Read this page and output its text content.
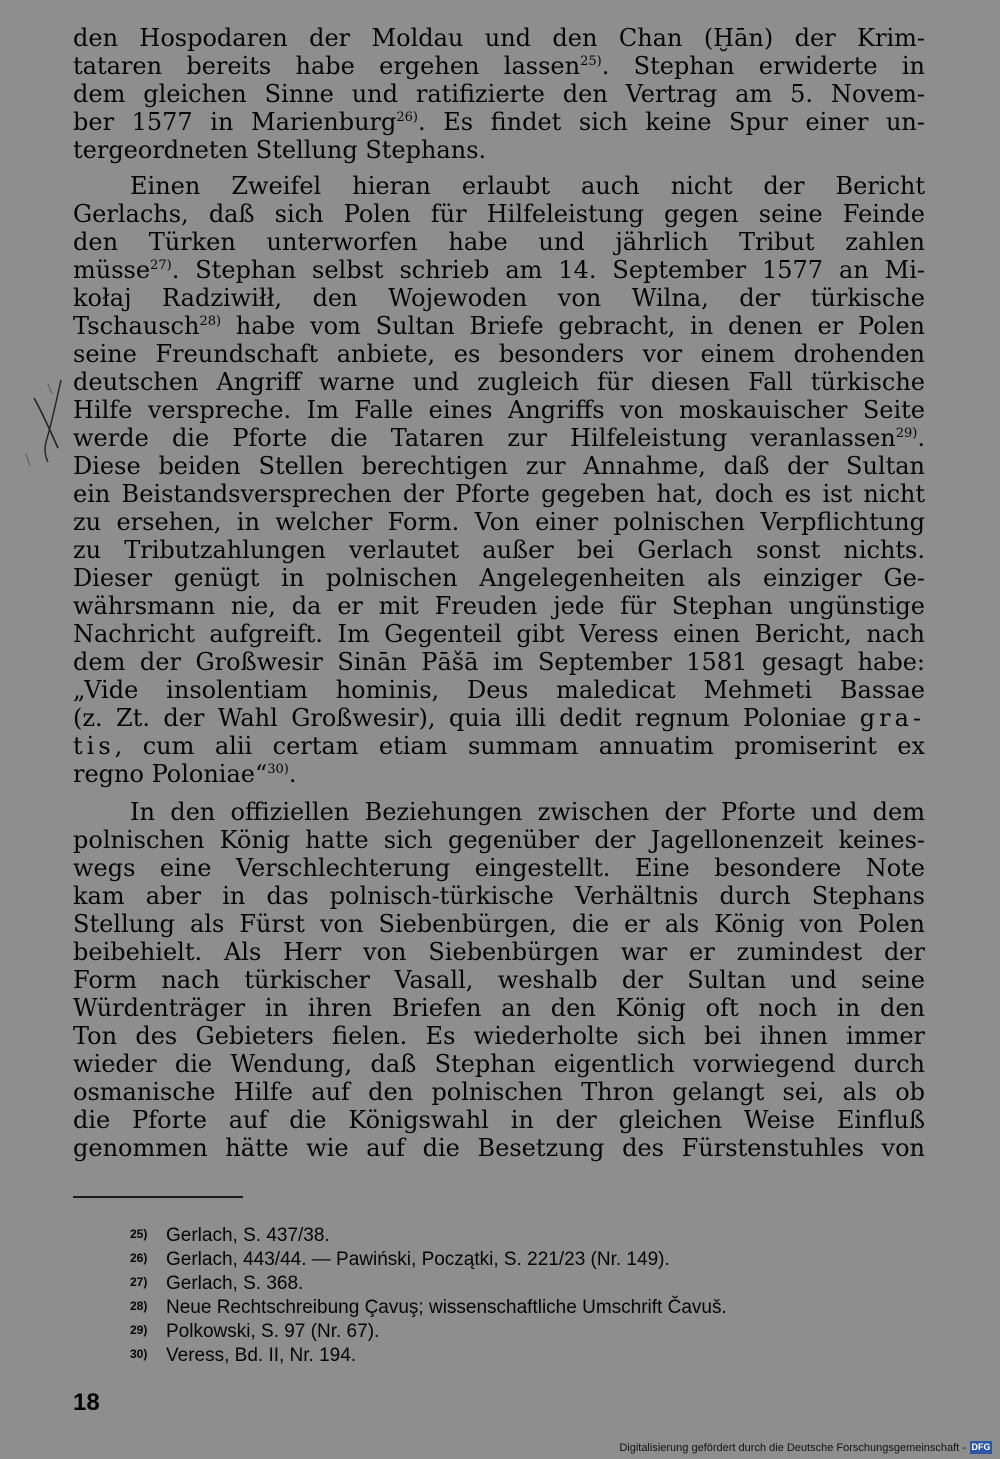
den Hospodaren der Moldau und den Chan (Ḫān) der Krim-
tataren bereits habe ergehen lassen$^{25)}$. Stephan erwiderte in
dem gleichen Sinne und ratifizierte den Vertrag am 5. Novem-
ber 1577 in Marienburg$^{26)}$. Es findet sich keine Spur einer un-
tergeordneten Stellung Stephans.
Einen Zweifel hieran erlaubt auch nicht der Bericht
Gerlachs, daß sich Polen für Hilfeleistung gegen seine Feinde
den Türken unterworfen habe und jährlich Tribut zahlen
müsse$^{27)}$. Stephan selbst schrieb am 14. September 1577 an Mi-
kołaj Radziwiłł, den Wojewoden von Wilna, der türkische
Tschausch$^{28)}$ habe vom Sultan Briefe gebracht, in denen er Polen
seine Freundschaft anbiete, es besonders vor einem drohenden
deutschen Angriff warne und zugleich für diesen Fall türkische
Hilfe verspreche. Im Falle eines Angriffs von moskauischer Seite
werde die Pforte die Tataren zur Hilfeleistung veranlassen$^{29)}$.
Diese beiden Stellen berechtigen zur Annahme, daß der Sultan
ein Beistandsversprechen der Pforte gegeben hat, doch es ist nicht
zu ersehen, in welcher Form. Von einer polnischen Verpflichtung
zu Tributzahlungen verlautet außer bei Gerlach sonst nichts.
Dieser genügt in polnischen Angelegenheiten als einziger Ge-
währsmann nie, da er mit Freuden jede für Stephan ungünstige
Nachricht aufgreift. Im Gegenteil gibt Veress einen Bericht, nach
dem der Großwesir Sinān Pāšā im September 1581 gesagt habe:
„Vide insolentiam hominis, Deus maledicat Mehmeti Bassae
(z. Zt. der Wahl Großwesir), quia illi dedit regnum Poloniae gra-
tis, cum alii certam etiam summam annuatim promiserint ex
regno Poloniae“$^{30)}$.
In den offiziellen Beziehungen zwischen der Pforte und dem
polnischen König hatte sich gegenüber der Jagellonenzeit keines-
wegs eine Verschlechterung eingestellt. Eine besondere Note
kam aber in das polnisch-türkische Verhältnis durch Stephans
Stellung als Fürst von Siebenbürgen, die er als König von Polen
beibehielt. Als Herr von Siebenbürgen war er zumindest der
Form nach türkischer Vasall, weshalb der Sultan und seine
Würdenträger in ihren Briefen an den König oft noch in den
Ton des Gebieters fielen. Es wiederholte sich bei ihnen immer
wieder die Wendung, daß Stephan eigentlich vorwiegend durch
osmanische Hilfe auf den polnischen Thron gelangt sei, als ob
die Pforte auf die Königswahl in der gleichen Weise Einfluß
genommen hätte wie auf die Besetzung des Fürstenstuhles von
25) Gerlach, S. 437/38.
26) Gerlach, 443/44. — Pawiński, Początki, S. 221/23 (Nr. 149).
27) Gerlach, S. 368.
28) Neue Rechtschreibung Çavuş; wissenschaftliche Umschrift Čavuš.
29) Polkowski, S. 97 (Nr. 67).
30) Veress, Bd. II, Nr. 194.
18
Digitalisierung gefördert durch die Deutsche Forschungsgemeinschaft - DFG
